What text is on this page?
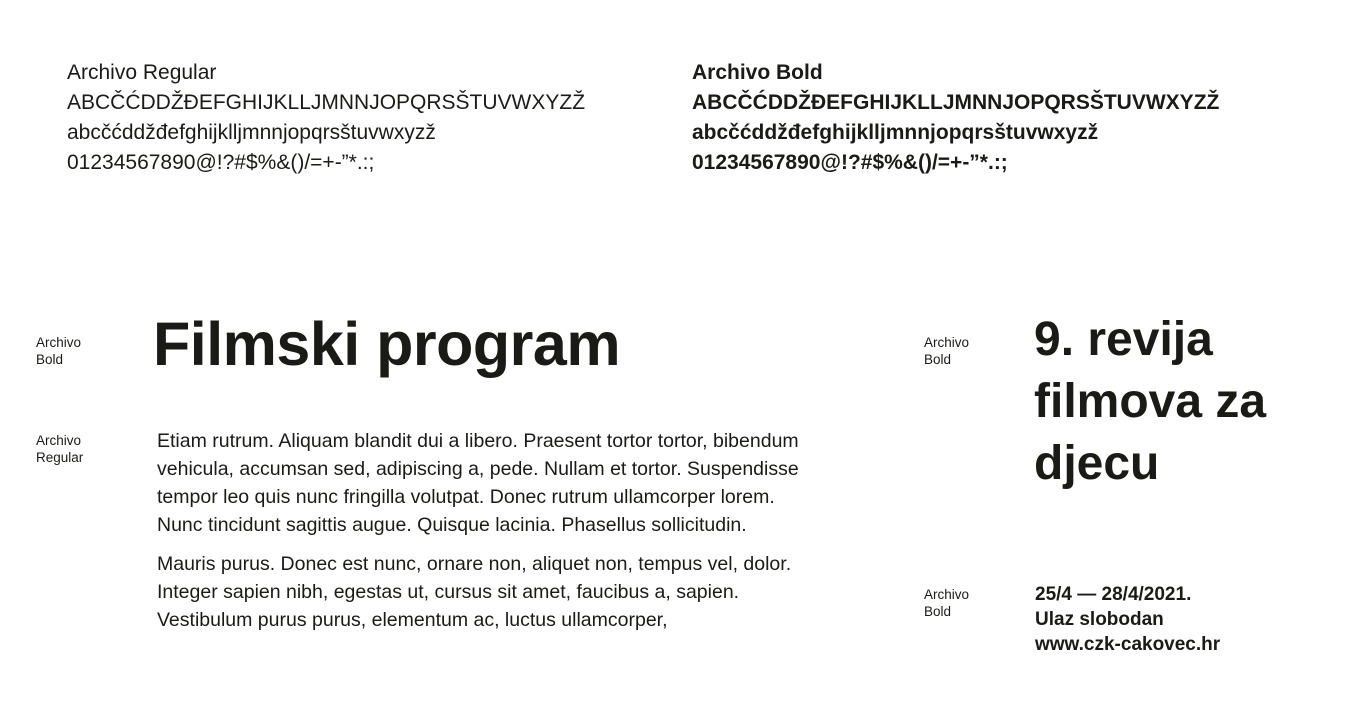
Archivo Regular
ABCČĆDDŽĐEFGHIJKLLJMNNJOPQRSŠTUVWXYZŽ
abcčćddžđefghijklljmnnjopqrsštuvwxyzž
01234567890@!?#$%&()/=+-”*.:;
Archivo Bold
ABCČĆDDŽĐEFGHIJKLLJMNNJOPQRSŠTUVWXYZŽ
abcčćddžđefghijklljmnnjopqrsštuvwxyzž
01234567890@!?#$%&()/=+-”*.:;
Archivo
Bold Filmski program
Archivo
Regular

Etiam rutrum. Aliquam blandit dui a libero. Praesent tortor tortor, bibendum vehicula, accumsan sed, adipiscing a, pede. Nullam et tortor. Suspendisse tempor leo quis nunc fringilla volutpat. Donec rutrum ullamcorper lorem. Nunc tincidunt sagittis augue. Quisque lacinia. Phasellus sollicitudin.

Mauris purus. Donec est nunc, ornare non, aliquet non, tempus vel, dolor. Integer sapien nibh, egestas ut, cursus sit amet, faucibus a, sapien. Vestibulum purus purus, elementum ac, luctus ullamcorper,

Archivo
Bold	9. revija
filmova za
djecu
Archivo
Bold
25/4 — 28/4/2021.
Ulaz slobodan
www.czk-cakovec.hr
